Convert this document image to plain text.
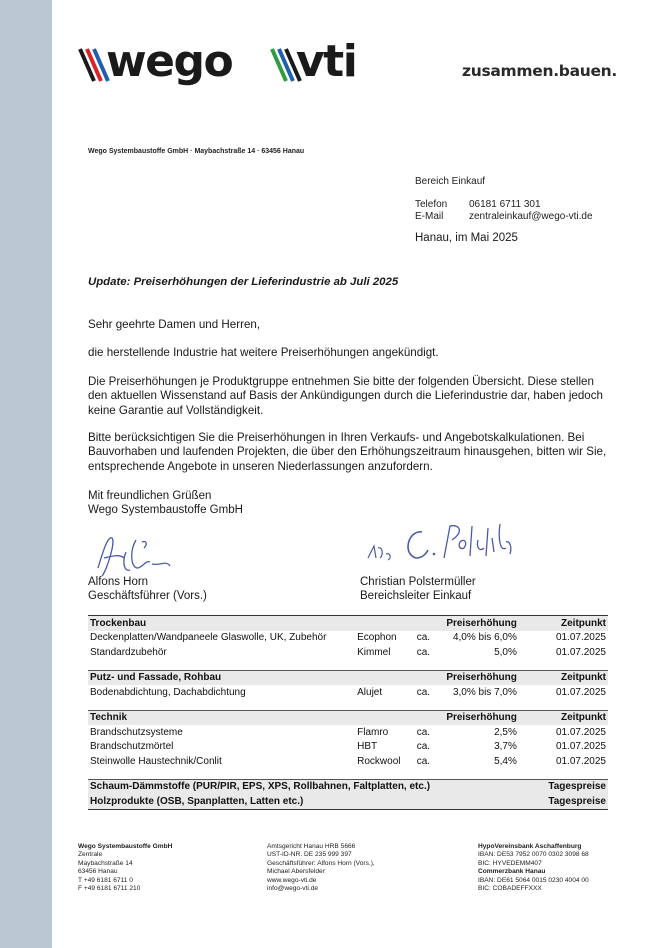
wego vti	zusammen.bauen.
Wego Systembaustoffe GmbH · Maybachstraße 14 · 63456 Hanau
Bereich Einkauf
Telefon 06181 6711 301
E-Mail	zentraleinkauf@wego-vti.de
Hanau, im Mai 2025
Update: Preiserhöhungen der Lieferindustrie ab Juli 2025
Sehr geehrte Damen und Herren,
die herstellende Industrie hat weitere Preiserhöhungen angekündigt.
Die Preiserhöhungen je Produktgruppe entnehmen Sie bitte der folgenden Übersicht. Diese stellen den aktuellen Wissenstand auf Basis der Ankündigungen durch die Lieferindustrie dar, haben jedoch keine Garantie auf Vollständigkeit.
Bitte berücksichtigen Sie die Preiserhöhungen in Ihren Verkaufs- und Angebotskalkulationen. Bei Bauvorhaben und laufenden Projekten, die über den Erhöhungszeitraum hinausgehen, bitten wir Sie, entsprechende Angebote in unseren Niederlassungen anzufordern.
Mit freundlichen Grüßen
Wego Systembaustoffe GmbH
Alfons Horn
Geschäftsführer (Vors.)
Christian Polstermüller
Bereichsleiter Einkauf
Trockenbau			Preiserhöhung	Zeitpunkt
Deckenplatten/Wandpaneele Glaswolle, UK, Zubehör	Ecophon	ca.	4,0% bis 6,0%	01.07.2025
Standardzubehör	Kimmel	ca.	5,0%	01.07.2025

Putz- und Fassade, Rohbau			Preiserhöhung	Zeitpunkt
Bodenabdichtung, Dachabdichtung	Alujet	ca.	3,0% bis 7,0%	01.07.2025

Technik			Preiserhöhung	Zeitpunkt
Brandschutzsysteme	Flamro	ca.	2,5%	01.07.2025
Brandschutzmörtel	HBT	ca.	3,7%	01.07.2025
Steinwolle Haustechnik/Conlit	Rockwool	ca.	5,4%	01.07.2025

Schaum-Dämmstoffe (PUR/PIR, EPS, XPS, Rollbahnen, Faltplatten, etc.)				Tagespreise
Holzprodukte (OSB, Spanplatten, Latten etc.)				Tagespreise
Wego Systembaustoffe GmbH
Zentrale
Maybachstraße 14
63456 Hanau
T +49 6181 6711 0
F +49 6181 6711 210
Amtsgericht Hanau HRB 5666
UST-ID-NR. DE 235 999 397
Geschäftsführer: Alfons Horn (Vors.),
Michael Abersfelder
www.wego-vti.de
info@wego-vti.de
HypoVereinsbank Aschaffenburg
IBAN: DE53 7952 0070 0302 3098 68
BIC: HYVEDEMM407
Commerzbank Hanau
IBAN: DE61 5064 0015 0230 4004 00
BIC: COBADEFFXXX
